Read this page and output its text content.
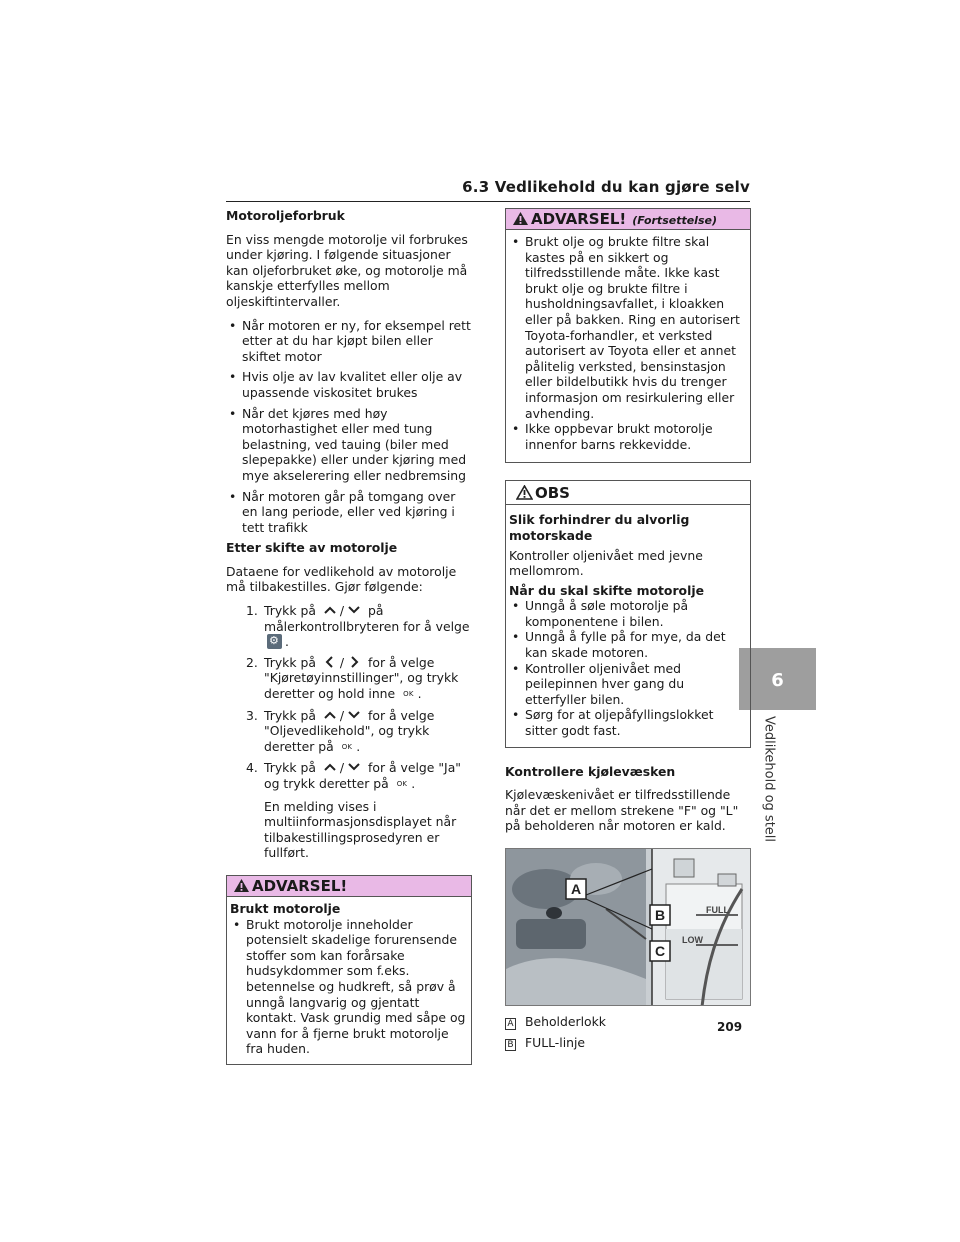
6.3 Vedlikehold du kan gjøre selv
6
Vedlikehold og stell
Motoroljeforbruk
En viss mengde motorolje vil forbrukes under kjøring. I følgende situasjoner kan oljeforbruket øke, og motorolje må kanskje etterfylles mellom oljeskiftintervaller.
• Når motoren er ny, for eksempel rett etter at du har kjøpt bilen eller skiftet motor
• Hvis olje av lav kvalitet eller olje av upassende viskositet brukes
• Når det kjøres med høy motorhastighet eller med tung belastning, ved tauing (biler med slepepakke) eller under kjøring med mye akselerering eller nedbremsing
• Når motoren går på tomgang over en lang periode, eller ved kjøring i tett trafikk
Etter skifte av motorolje
Dataene for vedlikehold av motorolje må tilbakestilles. Gjør følgende:
1. Trykk på / på målerkontrollbryteren for å velge ⚙.
2. Trykk på / for å velge "Kjøretøyinnstillinger", og trykk deretter og hold inne OK .
3. Trykk på / for å velge "Oljevedlikehold", og trykk deretter på OK .
4. Trykk på / for å velge "Ja" og trykk deretter på OK .
En melding vises i multiinformasjonsdisplayet når tilbakestillingsprosedyren er fullført.
ADVARSEL!
Brukt motorolje
• Brukt motorolje inneholder potensielt skadelige forurensende stoffer som kan forårsake hudsykdommer som f.eks. betennelse og hudkreft, så prøv å unngå langvarig og gjentatt kontakt. Vask grundig med såpe og vann for å fjerne brukt motorolje fra huden.
ADVARSEL! (Fortsettelse)
• Brukt olje og brukte filtre skal kastes på en sikkert og tilfredsstillende måte. Ikke kast brukt olje og brukte filtre i husholdningsavfallet, i kloakken eller på bakken. Ring en autorisert Toyota-forhandler, et verksted autorisert av Toyota eller et annet pålitelig verksted, bensinstasjon eller bildelbutikk hvis du trenger informasjon om resirkulering eller avhending.
• Ikke oppbevar brukt motorolje innenfor barns rekkevidde.
OBS
Slik forhindrer du alvorlig motorskade
Kontroller oljenivået med jevne mellomrom.
Når du skal skifte motorolje
• Unngå å søle motorolje på komponentene i bilen.
• Unngå å fylle på for mye, da det kan skade motoren.
• Kontroller oljenivået med peilepinnen hver gang du etterfyller bilen.
• Sørg for at oljepåfyllingslokket sitter godt fast.
Kontrollere kjølevæsken
Kjølevæskenivået er tilfredsstillende når det er mellom strekene "F" og "L" på beholderen når motoren er kald.
A
B
C
FULL
LOW
A Beholderlokk
B FULL-linje
209
